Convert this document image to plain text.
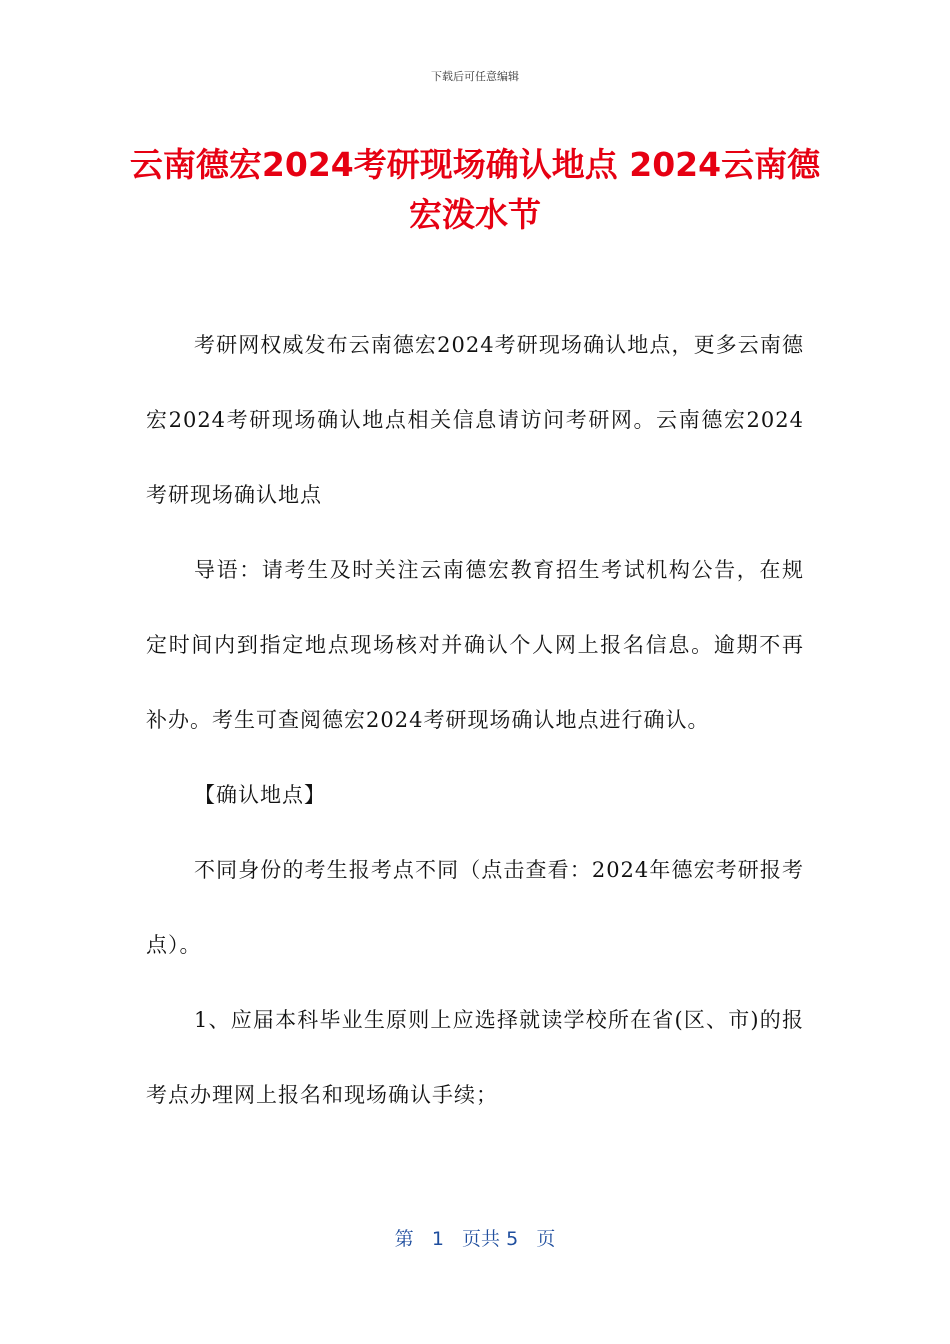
下载后可任意编辑
云南德宏2024考研现场确认地点 2024云南德宏泼水节

考研网权威发布云南德宏2024考研现场确认地点，更多云南德宏2024考研现场确认地点相关信息请访问考研网。云南德宏2024考研现场确认地点

导语：请考生及时关注云南德宏教育招生考试机构公告，在规定时间内到指定地点现场核对并确认个人网上报名信息。逾期不再补办。考生可查阅德宏2024考研现场确认地点进行确认。

【确认地点】

不同身份的考生报考点不同（点击查看：2024年德宏考研报考点）。

1、应届本科毕业生原则上应选择就读学校所在省(区、市)的报考点办理网上报名和现场确认手续；

第 1 页共 5 页
